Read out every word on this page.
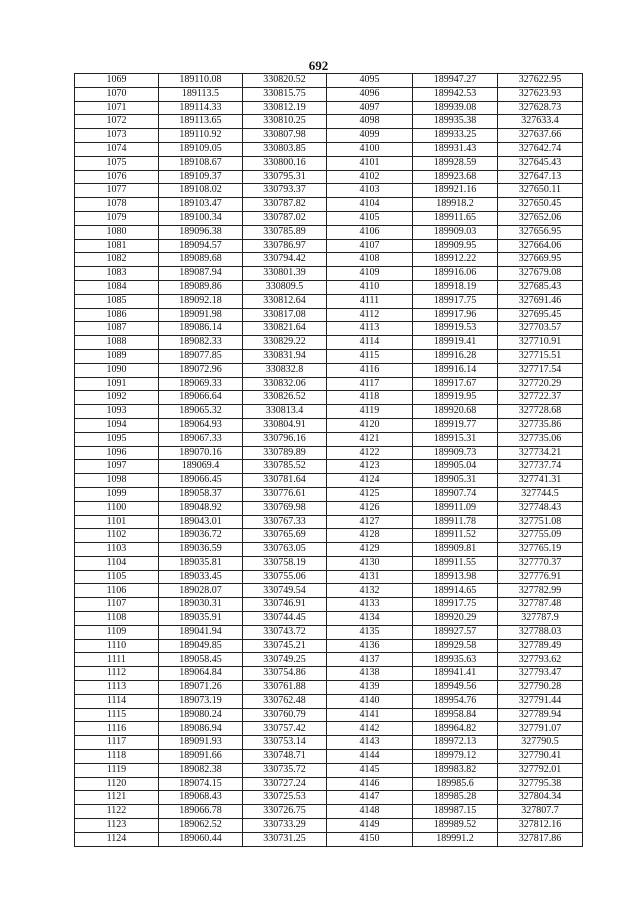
692
1069	189110.08	330820.52	4095	189947.27	327622.95
1070	189113.5	330815.75	4096	189942.53	327623.93
1071	189114.33	330812.19	4097	189939.08	327628.73
1072	189113.65	330810.25	4098	189935.38	327633.4
1073	189110.92	330807.98	4099	189933.25	327637.66
1074	189109.05	330803.85	4100	189931.43	327642.74
1075	189108.67	330800.16	4101	189928.59	327645.43
1076	189109.37	330795.31	4102	189923.68	327647.13
1077	189108.02	330793.37	4103	189921.16	327650.11
1078	189103.47	330787.82	4104	189918.2	327650.45
1079	189100.34	330787.02	4105	189911.65	327652.06
1080	189096.38	330785.89	4106	189909.03	327656.95
1081	189094.57	330786.97	4107	189909.95	327664.06
1082	189089.68	330794.42	4108	189912.22	327669.95
1083	189087.94	330801.39	4109	189916.06	327679.08
1084	189089.86	330809.5	4110	189918.19	327685.43
1085	189092.18	330812.64	4111	189917.75	327691.46
1086	189091.98	330817.08	4112	189917.96	327695.45
1087	189086.14	330821.64	4113	189919.53	327703.57
1088	189082.33	330829.22	4114	189919.41	327710.91
1089	189077.85	330831.94	4115	189916.28	327715.51
1090	189072.96	330832.8	4116	189916.14	327717.54
1091	189069.33	330832.06	4117	189917.67	327720.29
1092	189066.64	330826.52	4118	189919.95	327722.37
1093	189065.32	330813.4	4119	189920.68	327728.68
1094	189064.93	330804.91	4120	189919.77	327735.86
1095	189067.33	330796.16	4121	189915.31	327735.06
1096	189070.16	330789.89	4122	189909.73	327734.21
1097	189069.4	330785.52	4123	189905.04	327737.74
1098	189066.45	330781.64	4124	189905.31	327741.31
1099	189058.37	330776.61	4125	189907.74	327744.5
1100	189048.92	330769.98	4126	189911.09	327748.43
1101	189043.01	330767.33	4127	189911.78	327751.08
1102	189036.72	330765.69	4128	189911.52	327755.09
1103	189036.59	330763.05	4129	189909.81	327765.19
1104	189035.81	330758.19	4130	189911.55	327770.37
1105	189033.45	330755.06	4131	189913.98	327776.91
1106	189028.07	330749.54	4132	189914.65	327782.99
1107	189030.31	330746.91	4133	189917.75	327787.48
1108	189035.91	330744.45	4134	189920.29	327787.9
1109	189041.94	330743.72	4135	189927.57	327788.03
1110	189049.85	330745.21	4136	189929.58	327789.49
1111	189058.45	330749.25	4137	189935.63	327793.62
1112	189064.84	330754.86	4138	189941.41	327793.47
1113	189071.26	330761.88	4139	189949.56	327790.28
1114	189073.19	330762.48	4140	189954.76	327791.44
1115	189080.24	330760.79	4141	189958.84	327789.94
1116	189086.94	330757.42	4142	189964.82	327791.07
1117	189091.93	330753.14	4143	189972.13	327790.5
1118	189091.66	330748.71	4144	189979.12	327790.41
1119	189082.38	330735.72	4145	189983.82	327792.01
1120	189074.15	330727.24	4146	189985.6	327795.38
1121	189068.43	330725.53	4147	189985.28	327804.34
1122	189066.78	330726.75	4148	189987.15	327807.7
1123	189062.52	330733.29	4149	189989.52	327812.16
1124	189060.44	330731.25	4150	189991.2	327817.86
